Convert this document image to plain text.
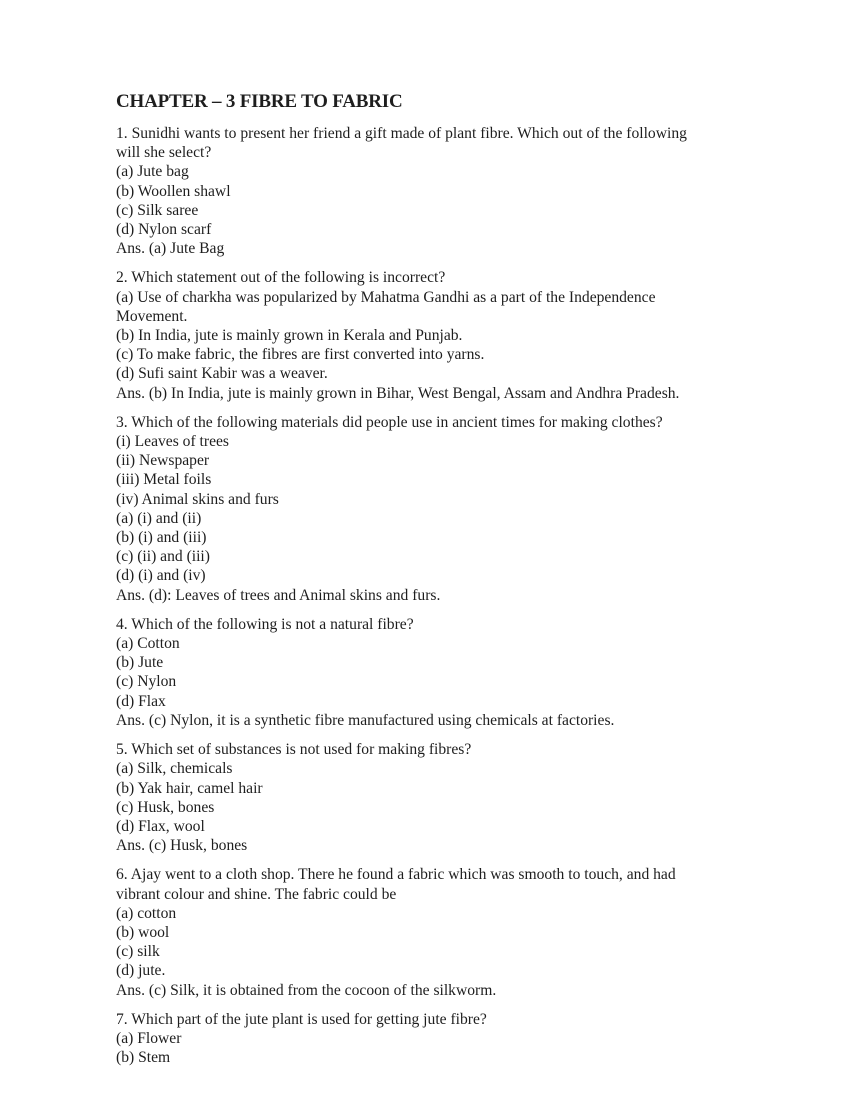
CHAPTER – 3 FIBRE TO FABRIC
1. Sunidhi wants to present her friend a gift made of plant fibre. Which out of the following
will she select?
(a) Jute bag
(b) Woollen shawl
(c) Silk saree
(d) Nylon scarf
Ans. (a) Jute Bag
2. Which statement out of the following is incorrect?
(a) Use of charkha was popularized by Mahatma Gandhi as a part of the Independence
Movement.
(b) In India, jute is mainly grown in Kerala and Punjab.
(c) To make fabric, the fibres are first converted into yarns.
(d) Sufi saint Kabir was a weaver.
Ans. (b) In India, jute is mainly grown in Bihar, West Bengal, Assam and Andhra Pradesh.
3. Which of the following materials did people use in ancient times for making clothes?
(i) Leaves of trees
(ii) Newspaper
(iii) Metal foils
(iv) Animal skins and furs
(a) (i) and (ii)
(b) (i) and (iii)
(c) (ii) and (iii)
(d) (i) and (iv)
Ans. (d): Leaves of trees and Animal skins and furs.
4. Which of the following is not a natural fibre?
(a) Cotton
(b) Jute
(c) Nylon
(d) Flax
Ans. (c) Nylon, it is a synthetic fibre manufactured using chemicals at factories.
5. Which set of substances is not used for making fibres?
(a) Silk, chemicals
(b) Yak hair, camel hair
(c) Husk, bones
(d) Flax, wool
Ans. (c) Husk, bones
6. Ajay went to a cloth shop. There he found a fabric which was smooth to touch, and had
vibrant colour and shine. The fabric could be
(a) cotton
(b) wool
(c) silk
(d) jute.
Ans. (c) Silk, it is obtained from the cocoon of the silkworm.
7. Which part of the jute plant is used for getting jute fibre?
(a) Flower
(b) Stem
